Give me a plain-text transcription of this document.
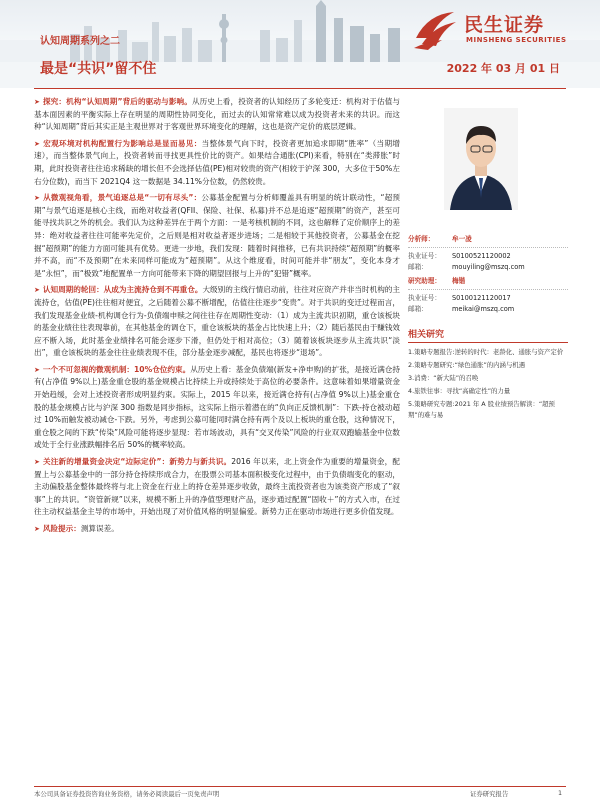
认知周期系列之二
最是“共识”留不住	2022 年 03 月 01 日
民生证券
MINSHENG SECURITIES

➤ 探究：机构“认知周期”背后的驱动与影响。从历史上看，投资者的认知经历了多轮变迁：机构对于估值与基本面因素的平衡实际上存在明显的周期性协同变化，而过去的认知常常难以成为投资者未来的共识。而这种“认知周期”背后其实正是主观世界对于客观世界环境变化的理解，这也是资产定价的底层逻辑。

➤ 宏观环境对机构配置行为影响总是显而易见：当整体景气向下时，投资者更加追求即期“胜率”（当期增速），而当整体景气向上，投资者转而寻找更具性价比的资产。如果结合通胀(CPI)来看，特别在“类滞胀”时期，此时投资者往往追求稀缺的增长但不会选择估值(PE)相对较贵的资产(相较于沪深 300，大多位于50%左右分位数)，而当下 2021Q4 这一数据是 34.11%分位数，仍然较贵。

➤ 从微观视角看，景气追逐总是“一切有尽头”：公募基金配置与分析师覆盖具有明显的统计联动性，“超预期”与景气追逐是核心主线，而绝对收益者(QFII、保险、社保、私募)并不总是追逐“超预期”的资产，甚至可能寻找共识之外的机会。我们认为这种差异在于两个方面：一是考核机制的不同，这也解释了定价顺序上的差异：绝对收益者往往可能率先定价，之后则是相对收益者逐步进场；二是相较于其他投资者，公募基金在挖掘“超预期”的能力方面可能具有优势。更进一步地，我们发现：随着时间推移，已有共识持续“超预期”的概率并不高，而“不及预期”在未来同样可能成为“超预期”。从这个维度看，时间可能并非“朋友”，变化本身才是“永恒”，而“极致”地配置单一方向可能带来下降的期望回报与上升的“犯错”概率。

➤ 认知周期的轮回：从成为主流持仓到不再重仓。大级别的主线行情启动前，往往对应资产并非当时机构的主流持仓，估值(PE)往往相对便宜，之后随着公募不断增配，估值往往逐步“变贵”。对于共识的变迁过程而言，我们发现基金业绩-机构调仓行为-负债端申赎之间往往存在周期性变动：（1）成为主流共识初期，重仓该板块的基金业绩往往表现靠前，在其他基金的调仓下，重仓该板块的基金占比快速上升；（2）随后基民由于赚钱效应不断入场，此时基金业绩排名可能会逐步下滑，但仍处于相对高位；（3）随着该板块逐步从主流共识“淡出”，重仓该板块的基金往往业绩表现不佳，部分基金逐步减配，基民也将逐步“退场”。

➤ 一个不可忽视的微观机制：10%仓位约束。从历史上看：基金负债端(新发+净申购)的扩张，是接近满仓持有(占净值 9%以上)基金重仓股的基金规模占比持续上升或持续处于高位的必要条件。这意味着如果增量资金开始趋缓，会对上述投资者形成明显约束。实际上，2015 年以来，接近满仓持有(占净值 9%以上)基金重仓股的基金规模占比与沪深 300 指数是同步指标，这实际上指示着潜在的“负向正反馈机制”：下跌-持仓被动超过 10%而触发被动减仓-下跌。另外，考虑到公募可能同时满仓持有两个及以上板块的重仓股，这种情况下，重仓股之间的下跌“传染”风险可能将逐步显现：若市场波动，具有“交叉传染”风险的行业双双跑输基金中位数或处于全行业涨跌幅排名后 50%的概率较高。

➤ 关注新的增量资金决定“边际定价”：新势力与新共识。2016 年以来，北上资金作为重要的增量资金，配置上与公募基金中的一部分持仓持续形成合力，在股票公司基本面积极变化过程中，由于负债端变化的驱动，主动偏股基金整体最终将与北上资金在行业上的持仓差异逐步收敛，最终主流投资者也为该类资产形成了“叙事”上的共识。“资管新规”以来，规模不断上升的净值型理财产品，逐步通过配置“固收＋”的方式入市，在过往主动权益基金主导的市场中，开始出现了对价值风格的明显偏爱。新势力正在驱动市场进行更多价值发现。

➤ 风险提示：测算误差。

分析师：	牟一凌
执业证号：	S0100521120002
邮箱：	mouyiling@mszq.com
研究助理：	梅锴
执业证号：	S0100121120017
邮箱：	meikai@mszq.com
相关研究
1.策略专题报告:逆转的时代：老龄化、通胀与资产定价
2.策略专题研究:“绿色通胀”的内涵与机遇
3.消费：“新大陆”的召唤
4.旅铁往事：寻找“高确定性”的力量
5.策略研究专题:2021 年 A 股业绩预告解读：“超预期”的难与易
本公司具备证券投资咨询业务资格，请务必阅读最后一页免责声明	证券研究报告	1
